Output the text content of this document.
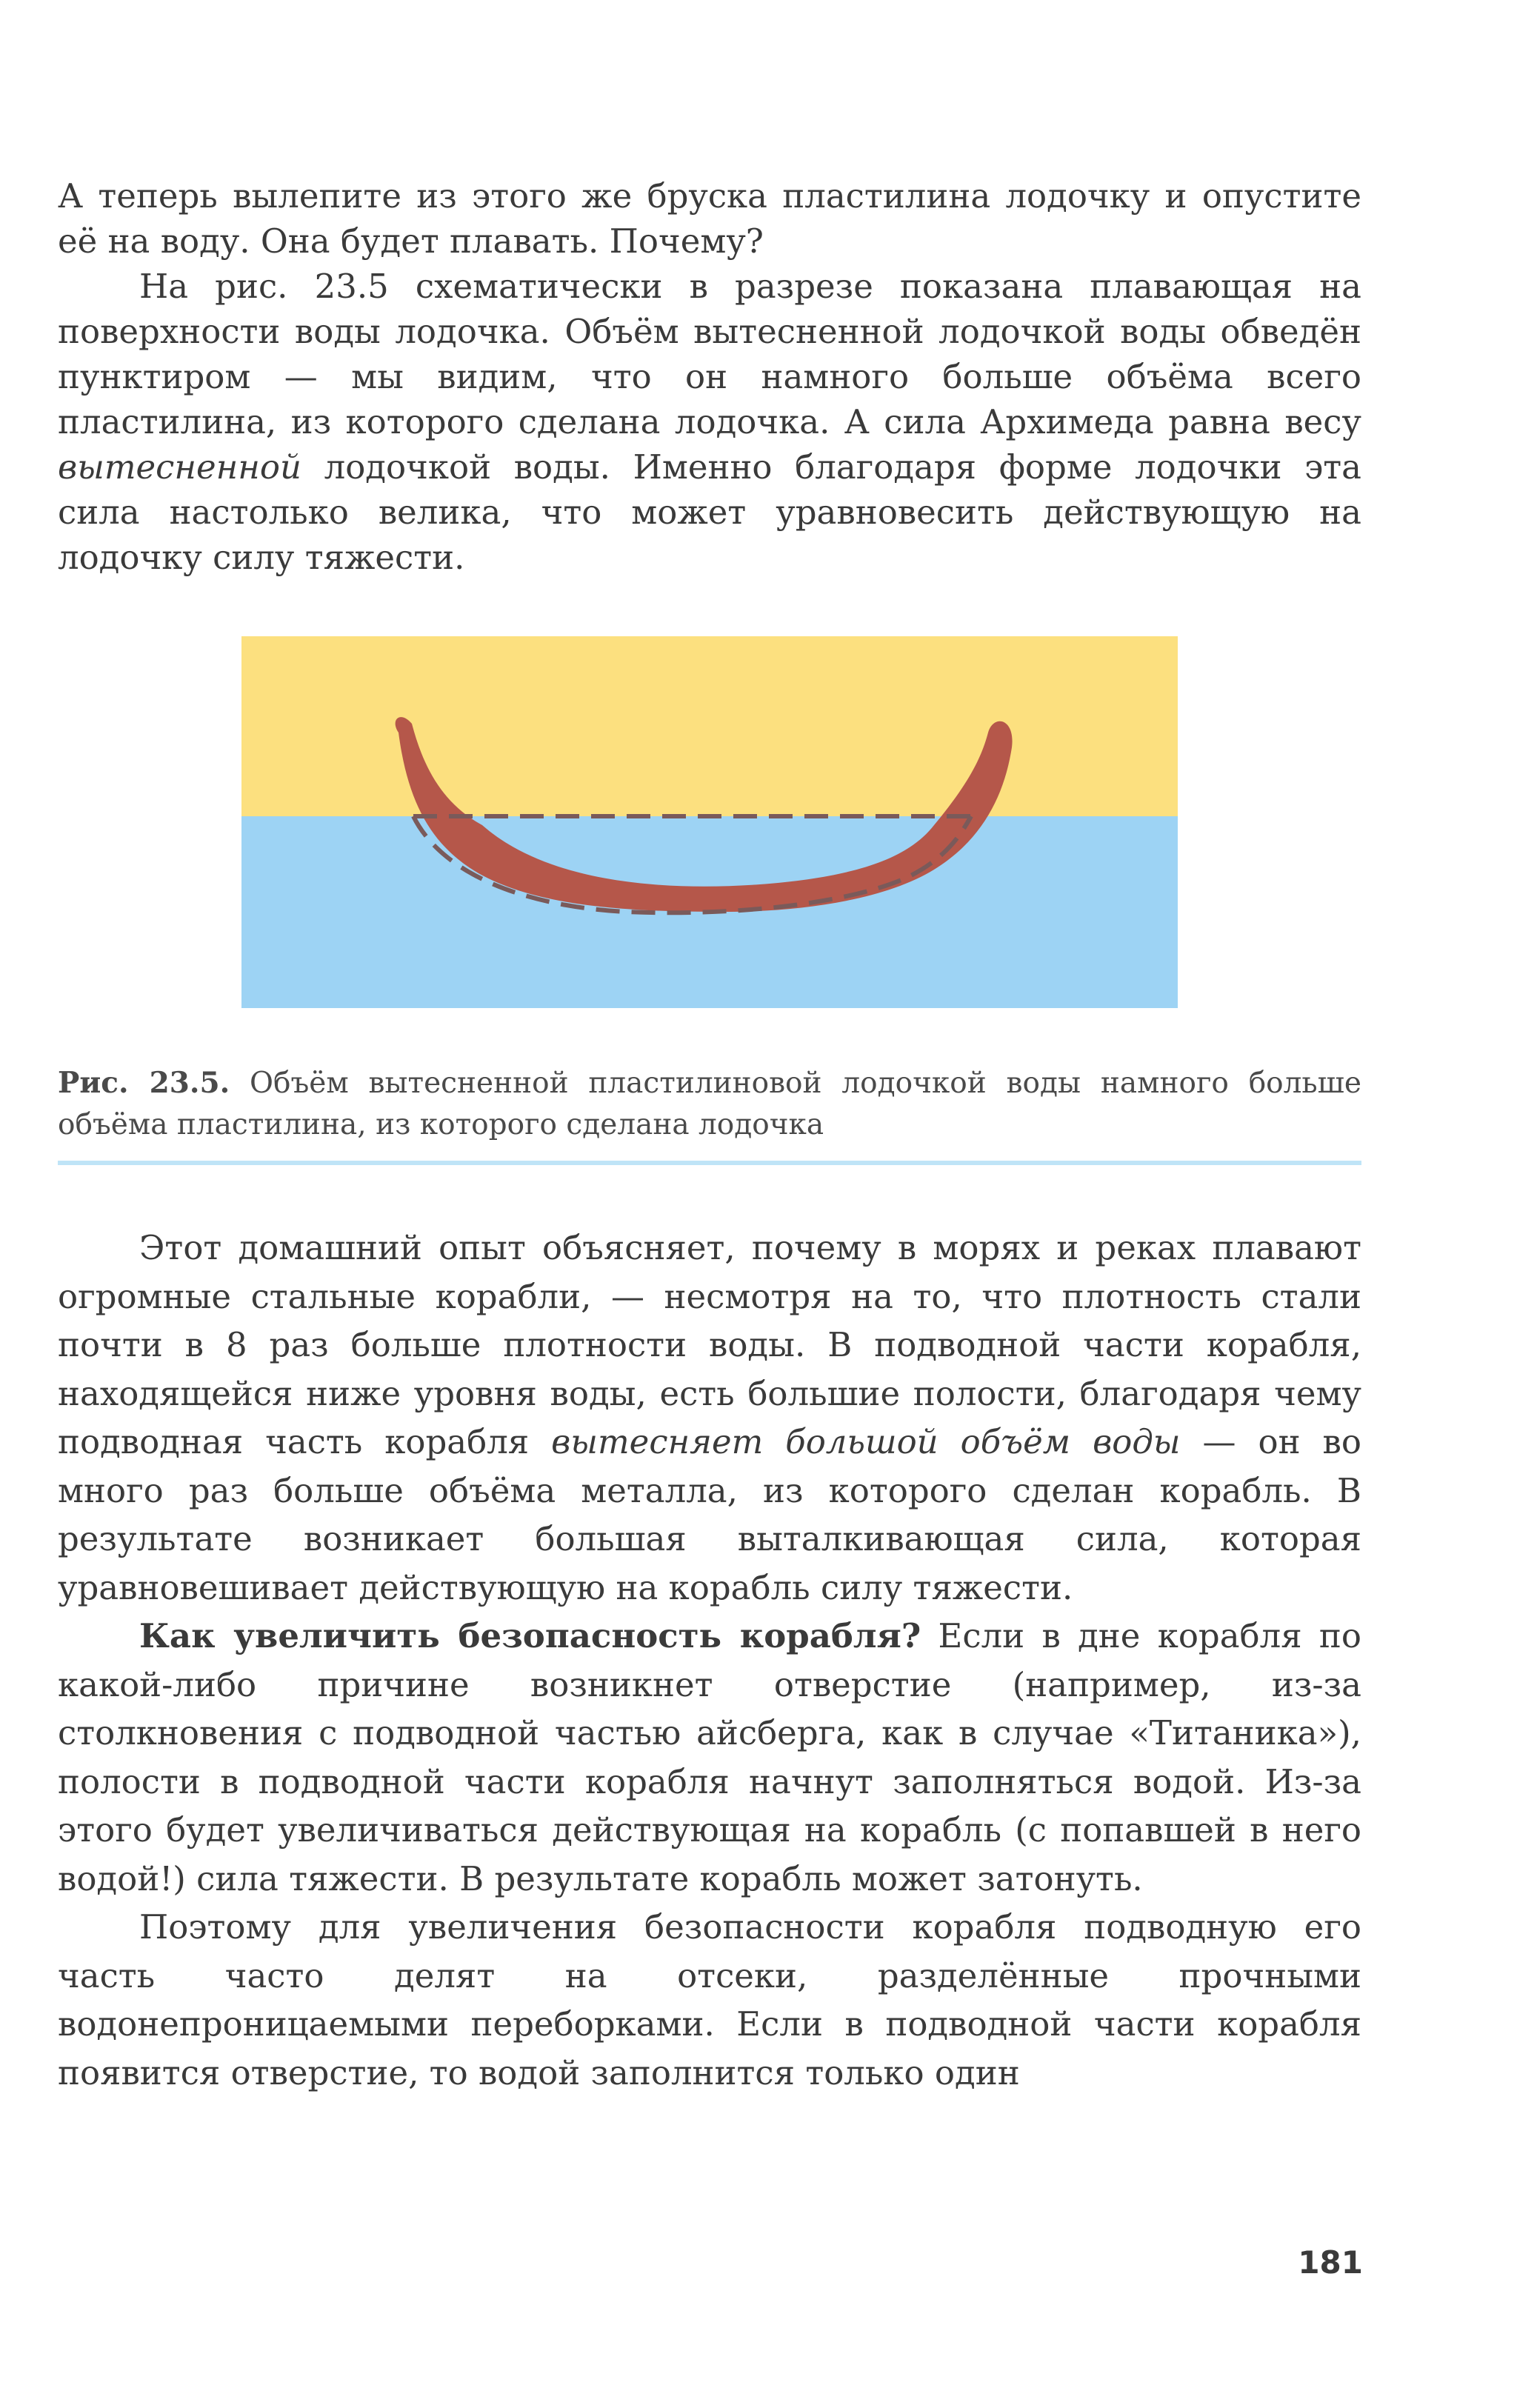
А теперь вылепите из этого же бруска пластилина лодочку и опустите её на воду. Она будет плавать. Почему?

На рис. 23.5 схематически в разрезе показана плавающая на поверхности воды лодочка. Объём вытесненной лодочкой воды обведён пунктиром — мы видим, что он намного больше объёма всего пластилина, из которого сделана лодочка. А сила Архимеда равна весу вытесненной лодочкой воды. Именно благодаря форме лодочки эта сила настолько велика, что может уравновесить действующую на лодочку силу тяжести.

Рис. 23.5. Объём вытесненной пластилиновой лодочкой воды намного больше объёма пластилина, из которого сделана лодочка

Этот домашний опыт объясняет, почему в морях и реках плавают огромные стальные корабли, — несмотря на то, что плотность стали почти в 8 раз больше плотности воды. В подводной части корабля, находящейся ниже уровня воды, есть большие полости, благодаря чему подводная часть корабля вытесняет большой объём воды — он во много раз больше объёма металла, из которого сделан корабль. В результате возникает большая выталкивающая сила, которая уравновешивает действующую на корабль силу тяжести.

Как увеличить безопасность корабля? Если в дне корабля по какой-либо причине возникнет отверстие (например, из-за столкновения с подводной частью айсберга, как в случае «Титаника»), полости в подводной части корабля начнут заполняться водой. Из-за этого будет увеличиваться действующая на корабль (с попавшей в него водой!) сила тяжести. В результате корабль может затонуть.

Поэтому для увеличения безопасности корабля подводную его часть часто делят на отсеки, разделённые прочными водонепроницаемыми переборками. Если в подводной части корабля появится отверстие, то водой заполнится только один

181
